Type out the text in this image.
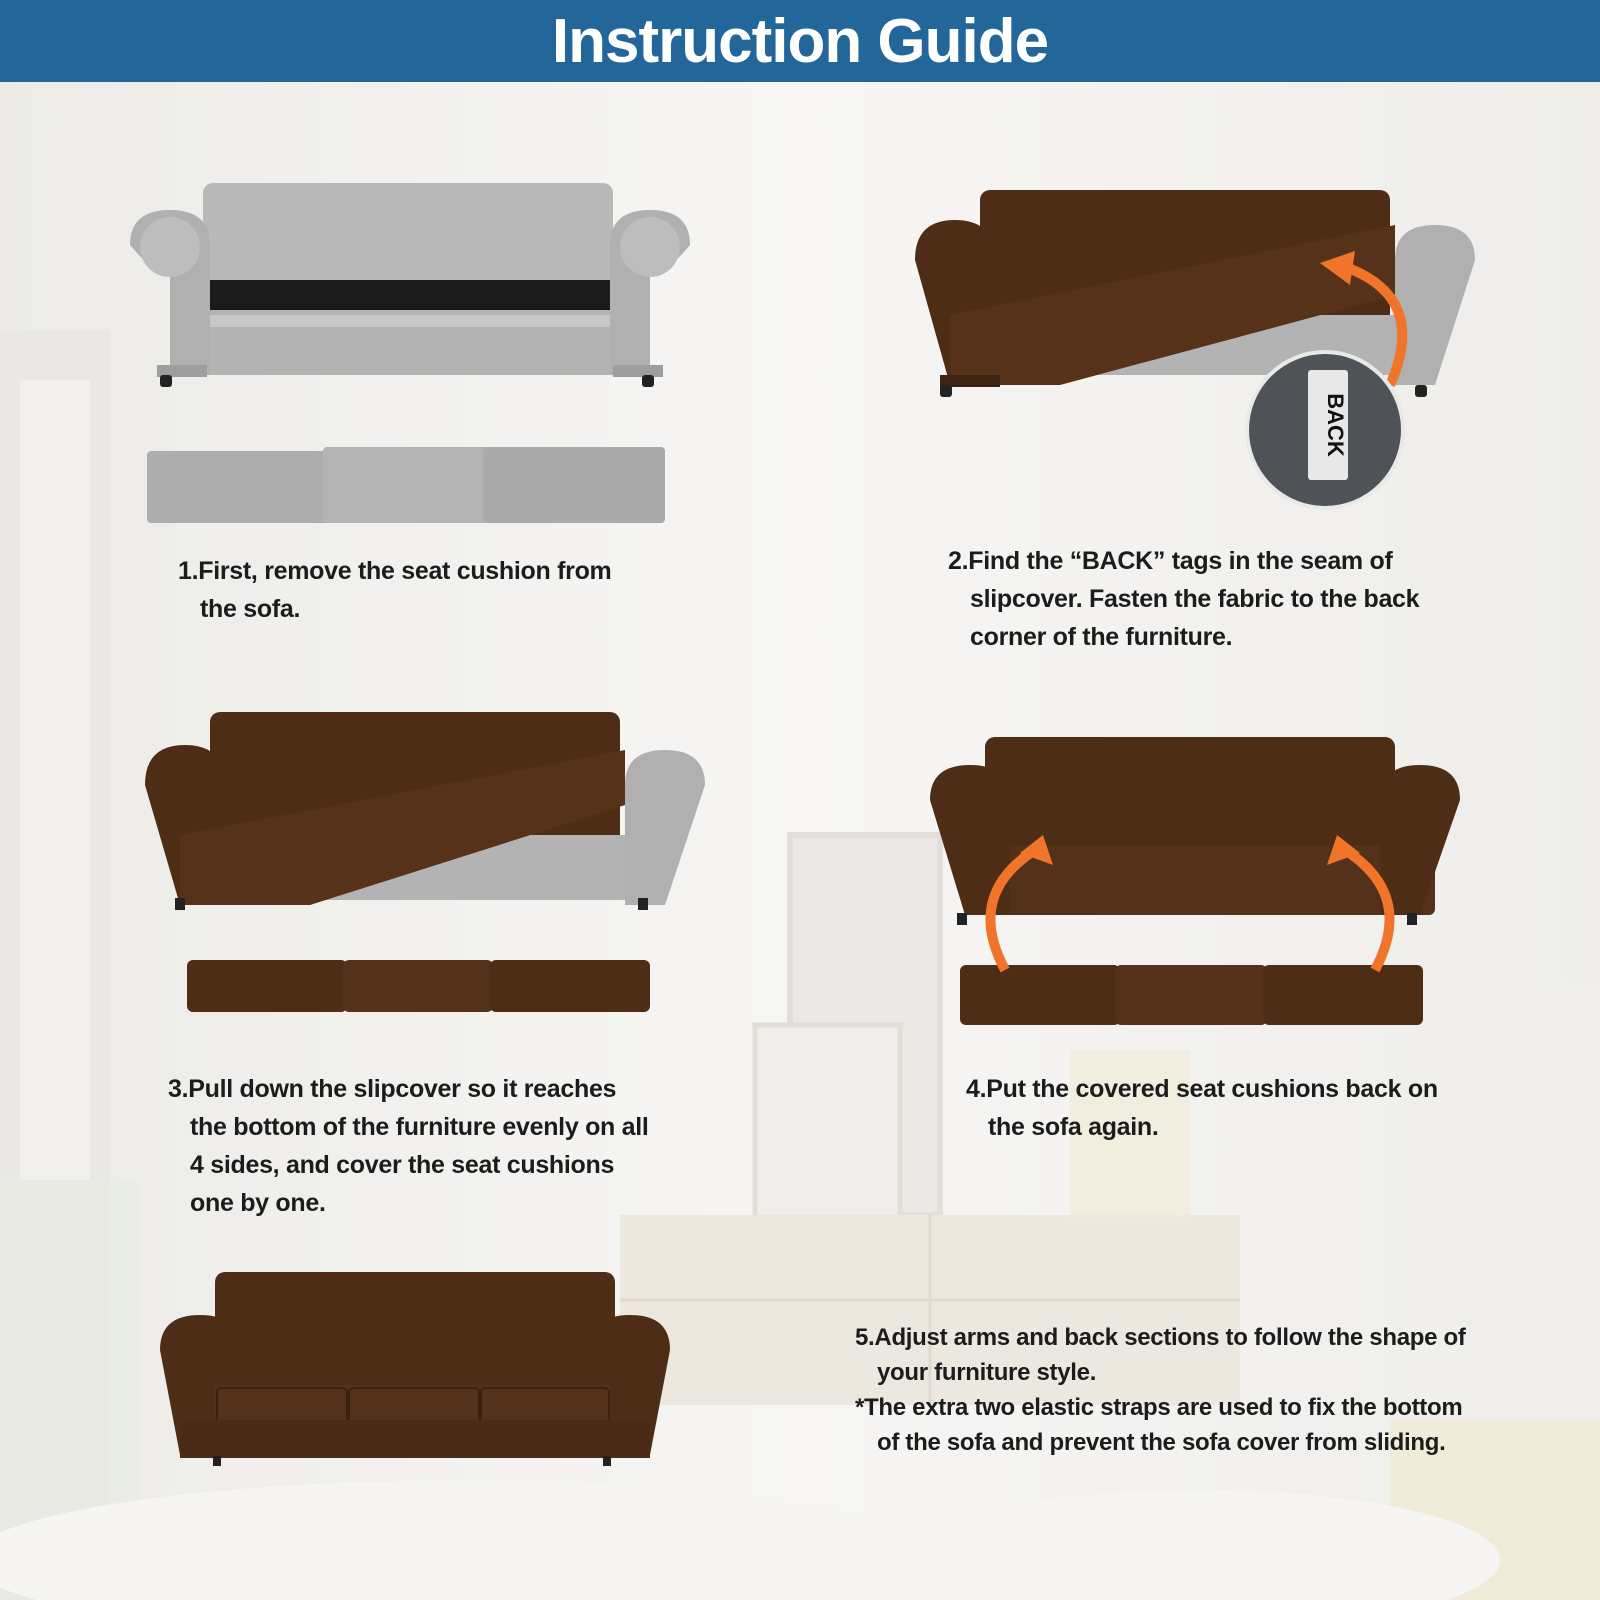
Instruction Guide
BACK

1.First, remove the seat cushion from the sofa.

2.Find the “BACK” tags in the seam of slipcover. Fasten the fabric to the back corner of the furniture.

3.Pull down the slipcover so it reaches the bottom of the furniture evenly on all 4 sides, and cover the seat cushions one by one.

4.Put the covered seat cushions back on the sofa again.

5.Adjust arms and back sections to follow the shape of your furniture style.

*The extra two elastic straps are used to fix the bottom of the sofa and prevent the sofa cover from sliding.
